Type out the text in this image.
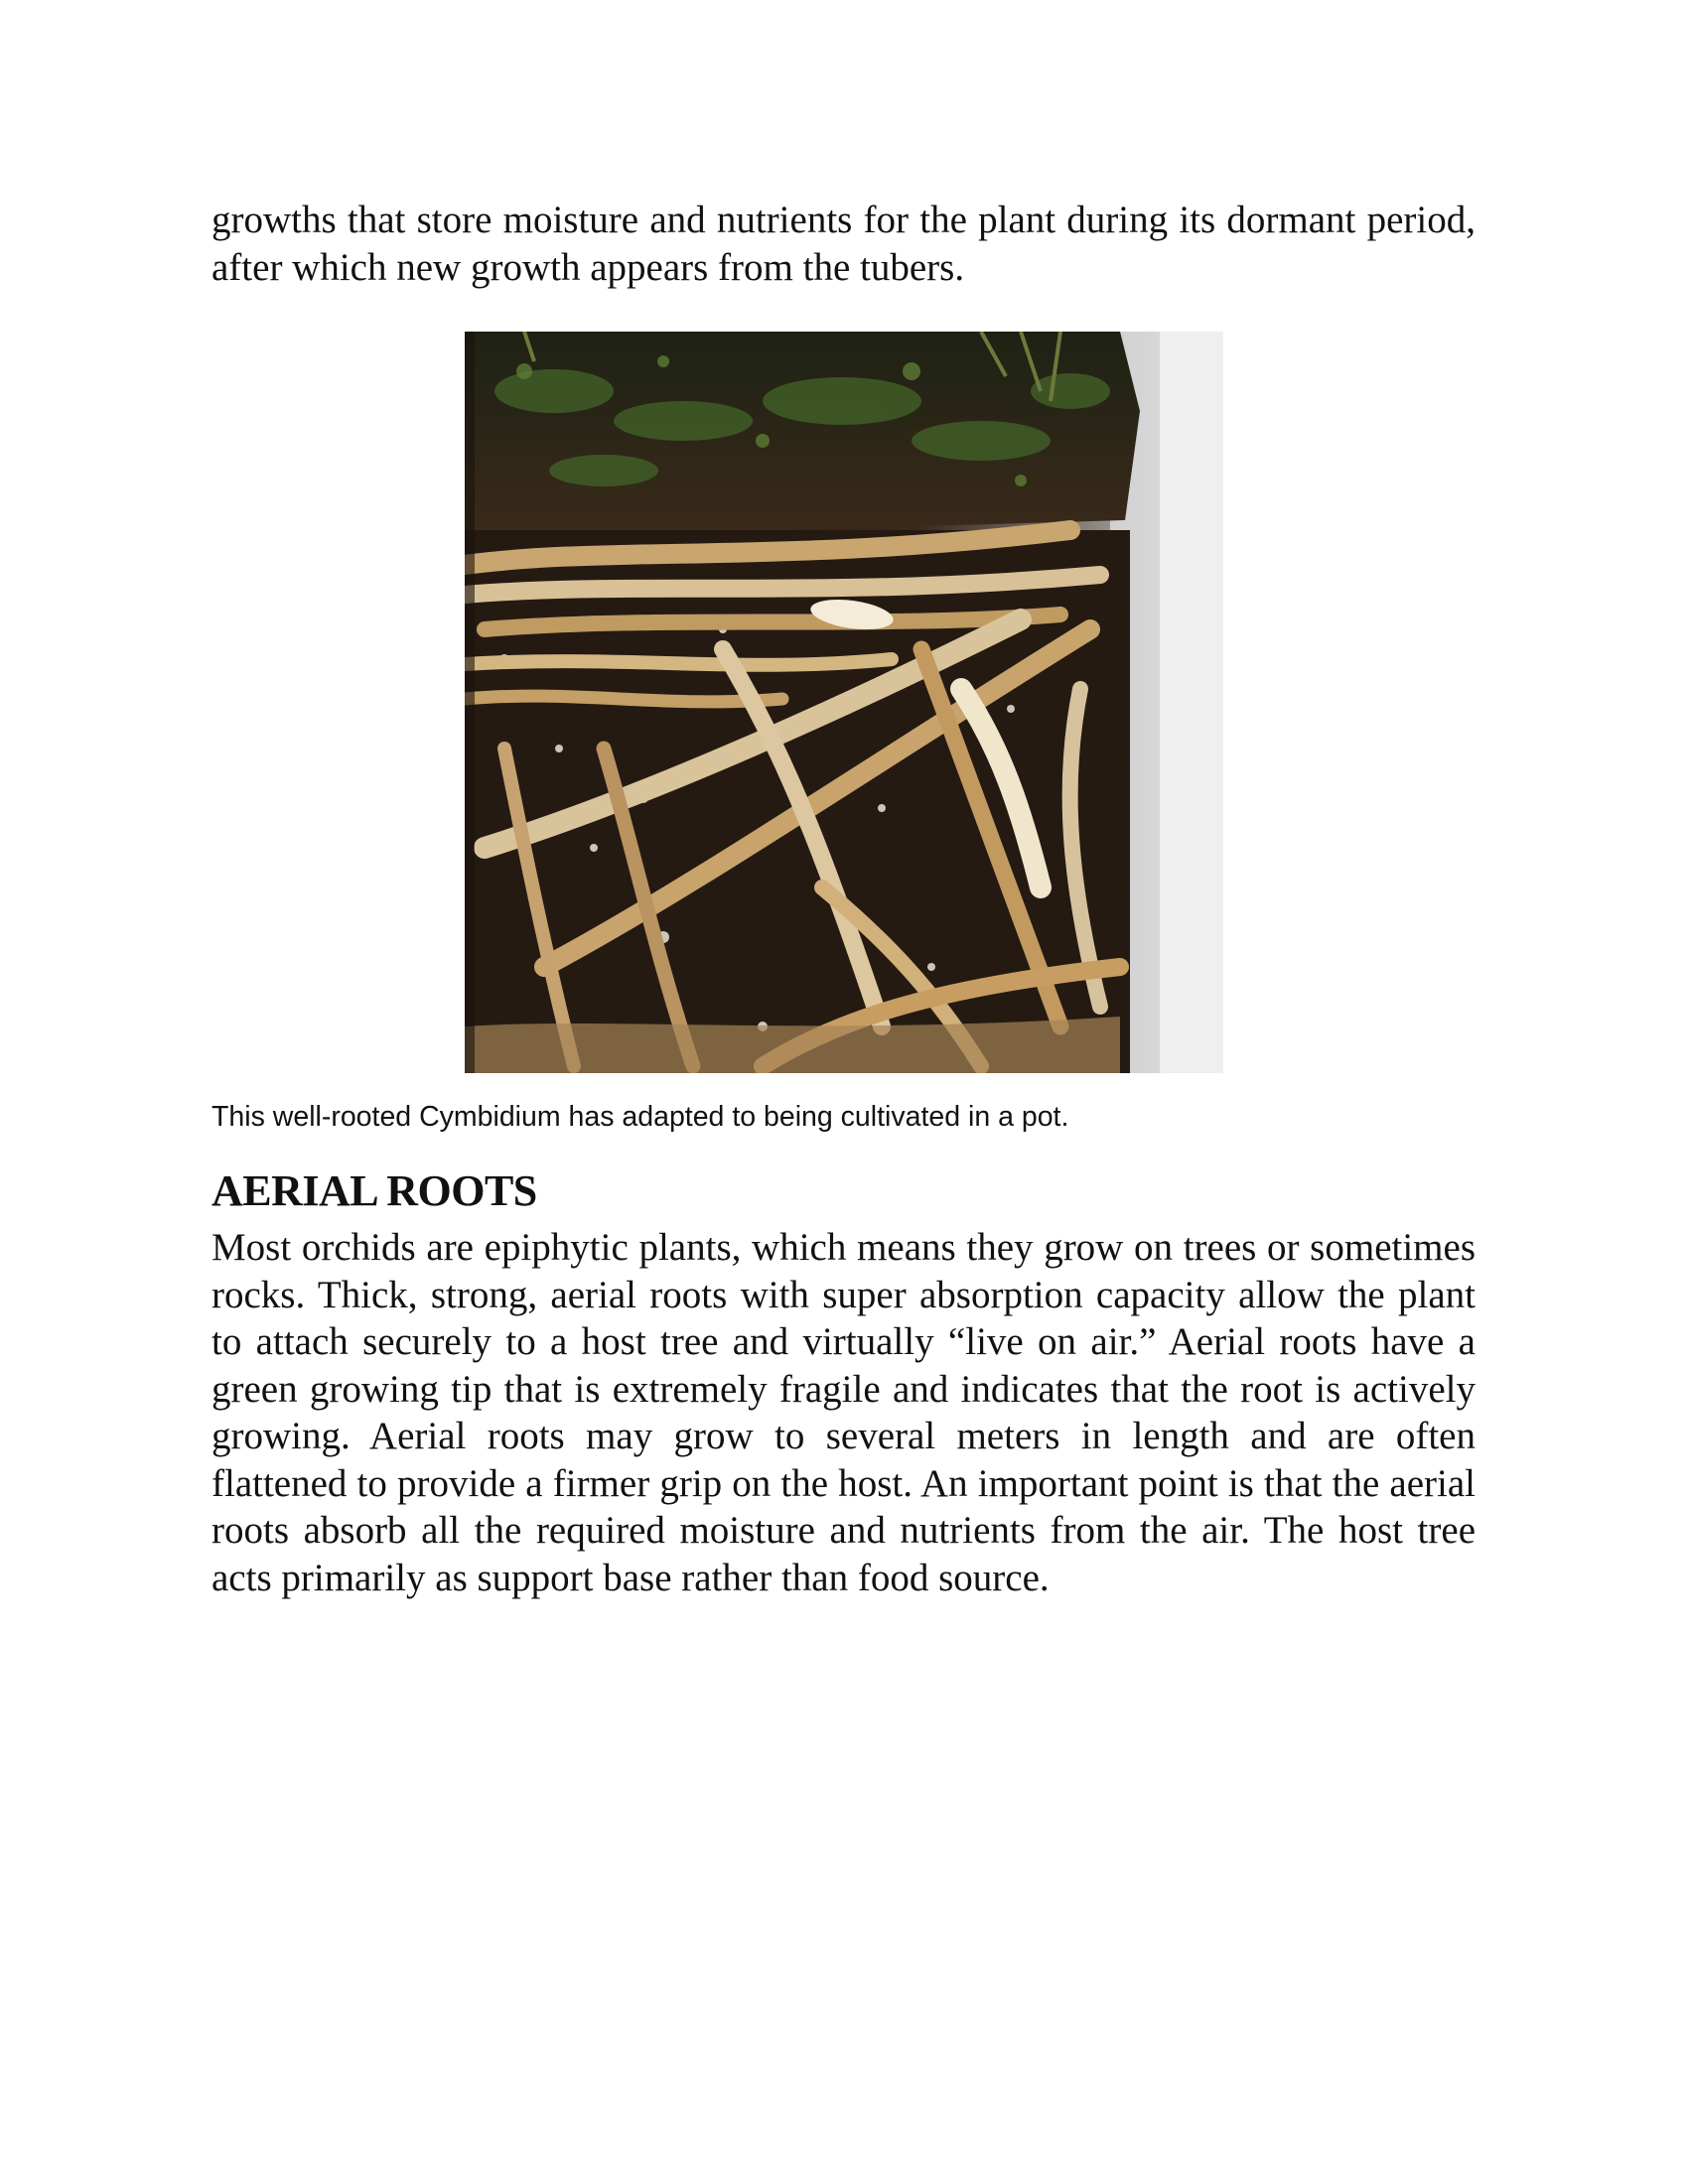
growths that store moisture and nutrients for the plant during its dormant period, after which new growth appears from the tubers.

This well-rooted Cymbidium has adapted to being cultivated in a pot.
AERIAL ROOTS

Most orchids are epiphytic plants, which means they grow on trees or sometimes rocks. Thick, strong, aerial roots with super absorption capacity allow the plant to attach securely to a host tree and virtually “live on air.” Aerial roots have a green growing tip that is extremely fragile and indicates that the root is actively growing. Aerial roots may grow to several meters in length and are often flattened to provide a firmer grip on the host. An important point is that the aerial roots absorb all the required moisture and nutrients from the air. The host tree acts primarily as support base rather than food source.
